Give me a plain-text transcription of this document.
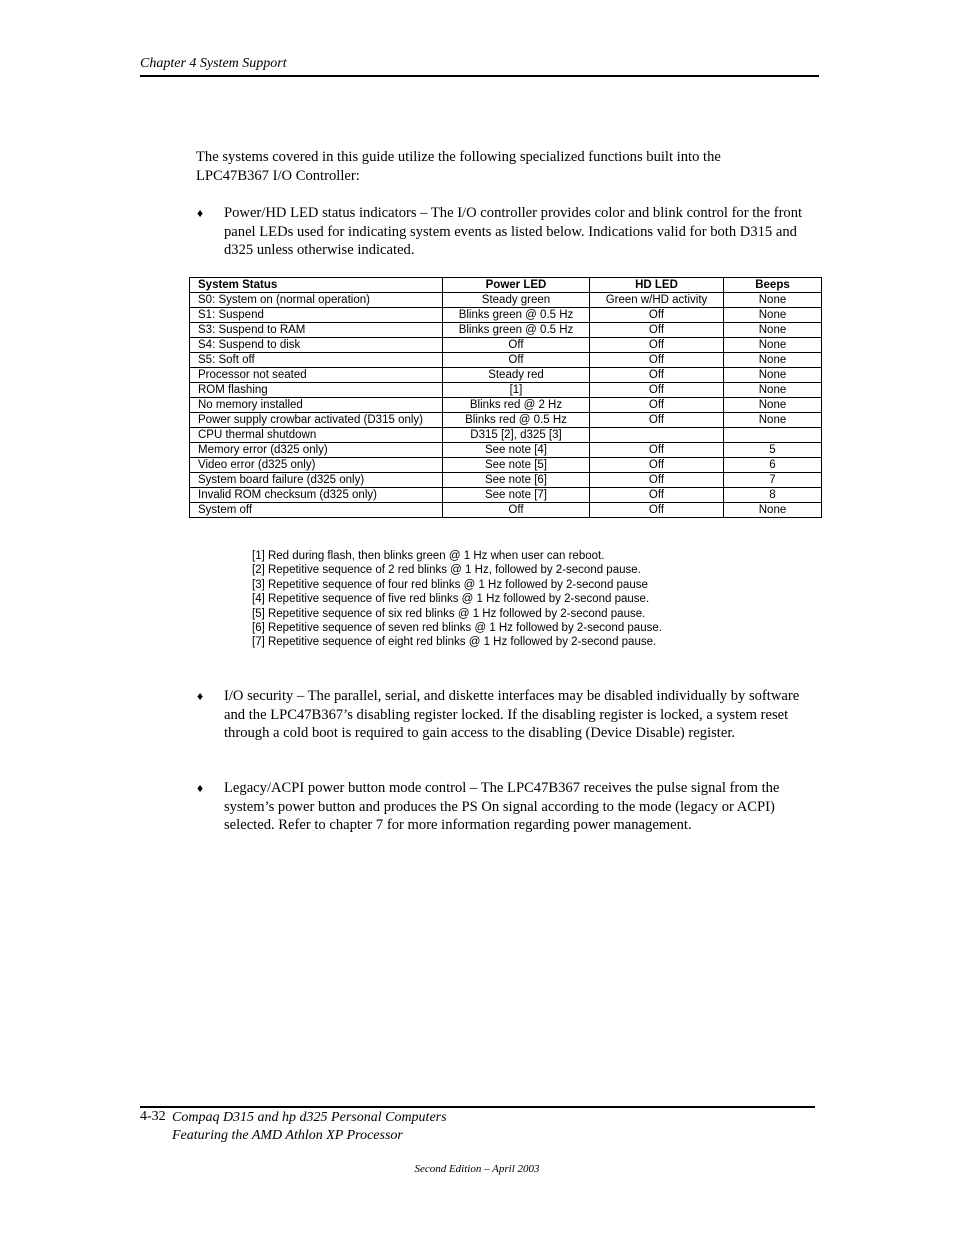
Chapter 4 System Support
The systems covered in this guide utilize the following specialized functions built into the LPC47B367 I/O Controller:
♦ Power/HD LED status indicators – The I/O controller provides color and blink control for the front panel LEDs used for indicating system events as listed below. Indications valid for both D315 and d325 unless otherwise indicated.
System Status	Power LED	HD LED	Beeps
S0: System on (normal operation)	Steady green	Green w/HD activity	None
S1: Suspend	Blinks green @ 0.5 Hz	Off	None
S3: Suspend to RAM	Blinks green @ 0.5 Hz	Off	None
S4: Suspend to disk	Off	Off	None
S5: Soft off	Off	Off	None
Processor not seated	Steady red	Off	None
ROM flashing	[1]	Off	None
No memory installed	Blinks red @ 2 Hz	Off	None
Power supply crowbar activated (D315 only)	Blinks red @ 0.5 Hz	Off	None
CPU thermal shutdown	D315 [2], d325 [3]		
Memory error (d325 only)	See note [4]	Off	5
Video error (d325 only)	See note [5]	Off	6
System board failure (d325 only)	See note [6]	Off	7
Invalid ROM checksum (d325 only)	See note [7]	Off	8
System off	Off	Off	None
[1] Red during flash, then blinks green @ 1 Hz when user can reboot.
[2] Repetitive sequence of 2 red blinks @ 1 Hz, followed by 2-second pause.
[3] Repetitive sequence of four red blinks @ 1 Hz followed by 2-second pause
[4] Repetitive sequence of five red blinks @ 1 Hz followed by 2-second pause.
[5] Repetitive sequence of six red blinks @ 1 Hz followed by 2-second pause.
[6] Repetitive sequence of seven red blinks @ 1 Hz followed by 2-second pause.
[7] Repetitive sequence of eight red blinks @ 1 Hz followed by 2-second pause.
♦ I/O security – The parallel, serial, and diskette interfaces may be disabled individually by software and the LPC47B367’s disabling register locked. If the disabling register is locked, a system reset through a cold boot is required to gain access to the disabling (Device Disable) register.
♦ Legacy/ACPI power button mode control – The LPC47B367 receives the pulse signal from the system’s power button and produces the PS On signal according to the mode (legacy or ACPI) selected. Refer to chapter 7 for more information regarding power management.
4-32 Compaq D315 and hp d325 Personal Computers
Featuring the AMD Athlon XP Processor
Second Edition – April 2003
